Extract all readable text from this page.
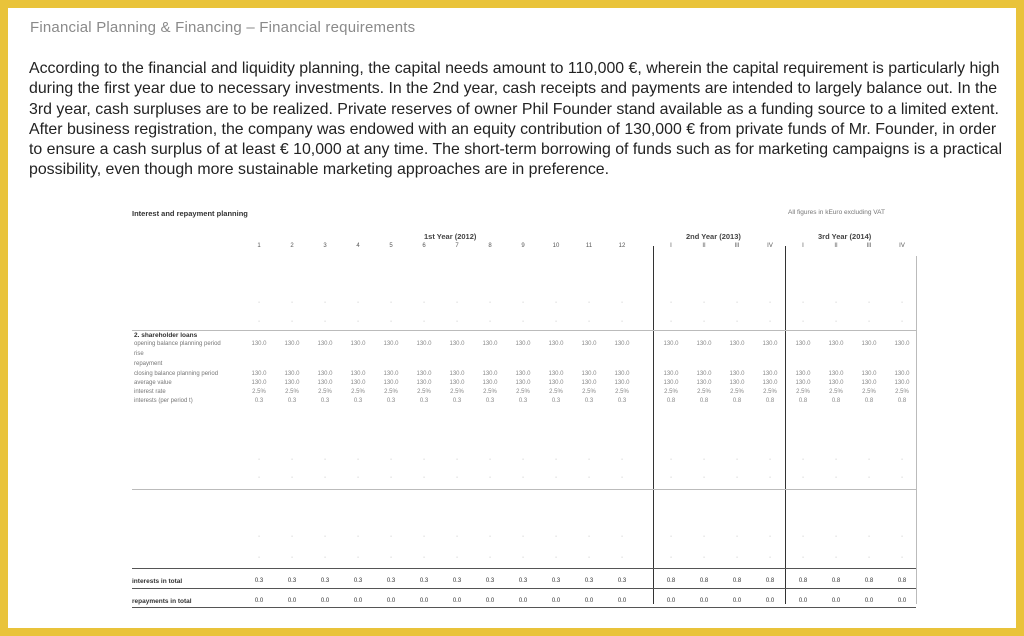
Financial Planning & Financing – Financial requirements
According to the financial and liquidity planning, the capital needs amount to 110,000 €, wherein the capital requirement is particularly high during the first year due to necessary investments. In the 2nd year, cash receipts and payments are intended to largely balance out. In the 3rd year, cash surpluses are to be realized. Private reserves of owner Phil Founder stand available as a funding source to a limited extent. After business registration, the company was endowed with an equity contribution of 130,000 € from private funds of Mr. Founder, in order to ensure a cash surplus of at least € 10,000 at any time. The short-term borrowing of funds such as for marketing campaigns is a practical possibility, even though more sustainable marketing approaches are in preference.
Interest and repayment planning	All figures in kEuro excluding VAT
1st Year (2012)	2nd Year (2013)	3rd Year (2014)
1	2	3	4	5	6	7	8	9	10	11	12	I	II	III	IV	I	II	III	IV
·	·	·	·	·	·	·	·	·	·	·	·	·	·	·	·	·	·	·	·
·	·	·	·	·	·	·	·	·	·	·	·	·	·	·	·	·	·	·	·
2. shareholder loans
opening balance planning period	130.0	130.0	130.0	130.0	130.0	130.0	130.0	130.0	130.0	130.0	130.0	130.0	130.0	130.0	130.0	130.0	130.0	130.0	130.0	130.0
rise
repayment
closing balance planning period	130.0	130.0	130.0	130.0	130.0	130.0	130.0	130.0	130.0	130.0	130.0	130.0	130.0	130.0	130.0	130.0	130.0	130.0	130.0	130.0
average value	130.0	130.0	130.0	130.0	130.0	130.0	130.0	130.0	130.0	130.0	130.0	130.0	130.0	130.0	130.0	130.0	130.0	130.0	130.0	130.0
interest rate	2.5%	2.5%	2.5%	2.5%	2.5%	2.5%	2.5%	2.5%	2.5%	2.5%	2.5%	2.5%	2.5%	2.5%	2.5%	2.5%	2.5%	2.5%	2.5%	2.5%
interests (per period t)	0.3	0.3	0.3	0.3	0.3	0.3	0.3	0.3	0.3	0.3	0.3	0.3	0.8	0.8	0.8	0.8	0.8	0.8	0.8	0.8
·	·	·	·	·	·	·	·	·	·	·	·	·	·	·	·	·	·	·	·
·	·	·	·	·	·	·	·	·	·	·	·	·	·	·	·	·	·	·	·
·	·	·	·	·	·	·	·	·	·	·	·	·	·	·	·	·	·	·	·
·	·	·	·	·	·	·	·	·	·	·	·	·	·	·	·	·	·	·	·
interests in total	0.3	0.3	0.3	0.3	0.3	0.3	0.3	0.3	0.3	0.3	0.3	0.3	0.8	0.8	0.8	0.8	0.8	0.8	0.8	0.8
repayments in total	0.0	0.0	0.0	0.0	0.0	0.0	0.0	0.0	0.0	0.0	0.0	0.0	0.0	0.0	0.0	0.0	0.0	0.0	0.0	0.0
